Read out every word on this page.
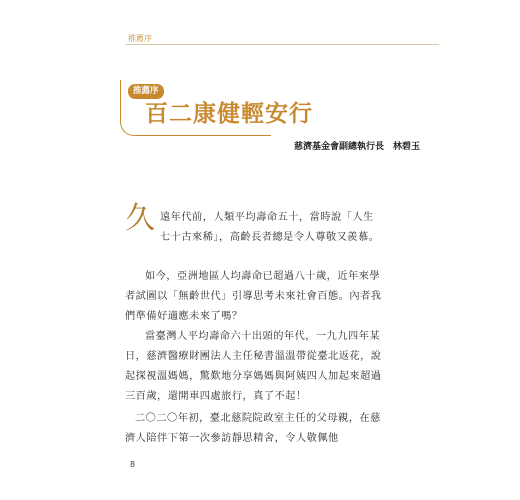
推薦序
推薦序
百二康健輕安行
慈濟基金會副總執行長　林碧玉
久 遠年代前，人類平均壽命五十，當時說「人生七十古來稀」，高齡長者總是令人尊敬又羨慕。

如今，亞洲地區人均壽命已超過八十歲，近年來學者試圖以「無齡世代」引導思考未來社會百態。內者我們準備好適應未來了嗎？

當臺灣人平均壽命六十出頭的年代，一九九四年某日，慈濟醫療財團法人主任秘書溫溫帶從臺北返花，說起探視溫媽媽，驚歎地分享媽媽與阿姨四人加起來超過三百歲，還開車四處旅行，真了不起！

二〇二〇年初，臺北慈院院政室主任的父母親，在慈濟人陪伴下第一次參訪靜思精舍，令人敬佩他

8
